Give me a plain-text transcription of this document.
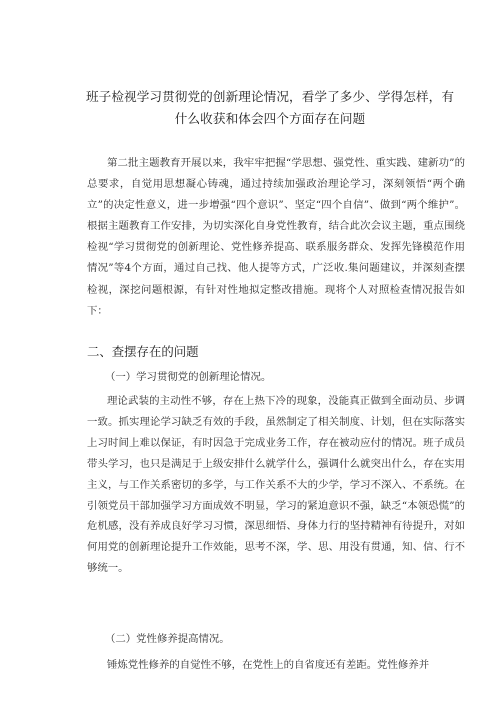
班子检视学习贯彻党的创新理论情况，看学了多少、学得怎样，有
什么收获和体会四个方面存在问题
第二批主题教育开展以来，我牢牢把握“学思想、强党性、重实践、建新功”的总要求，自觉用思想凝心铸魂，通过持续加强政治理论学习，深刻领悟“两个确立”的决定性意义，进一步增强“四个意识”、坚定“四个自信”、做到“两个维护”。根据主题教育工作安排，为切实深化自身党性教育，结合此次会议主题，重点围绕检视“学习贯彻党的创新理论、党性修养提高、联系服务群众、发挥先锋模范作用情况”等4个方面，通过自己找、他人提等方式，广泛收.集问题建议，并深刻查摆检视，深挖问题根源，有针对性地拟定整改措施。现将个人对照检查情况报告如下：
二、查摆存在的问题
（一）学习贯彻党的创新理论情况。
理论武装的主动性不够，存在上热下冷的现象，没能真正做到全面动员、步调一致。抓实理论学习缺乏有效的手段，虽然制定了相关制度、计划，但在实际落实上习时间上难以保证，有时因急于完成业务工作，存在被动应付的情况。班子成员带头学习，也只是满足于上级安排什么就学什么，强调什么就突出什么，存在实用主义，与工作关系密切的多学，与工作关系不大的少学，学习不深入、不系统。在引领党员干部加强学习方面成效不明显，学习的紧迫意识不强，缺乏“本领恐慌”的危机感，没有养成良好学习习惯，深思细悟、身体力行的坚持精神有待提升，对如何用党的创新理论提升工作效能，思考不深，学、思、用没有贯通，知、信、行不够统一。
（二）党性修养提高情况。
锤炼党性修养的自觉性不够，在党性上的自省度还有差距。党性修养并
